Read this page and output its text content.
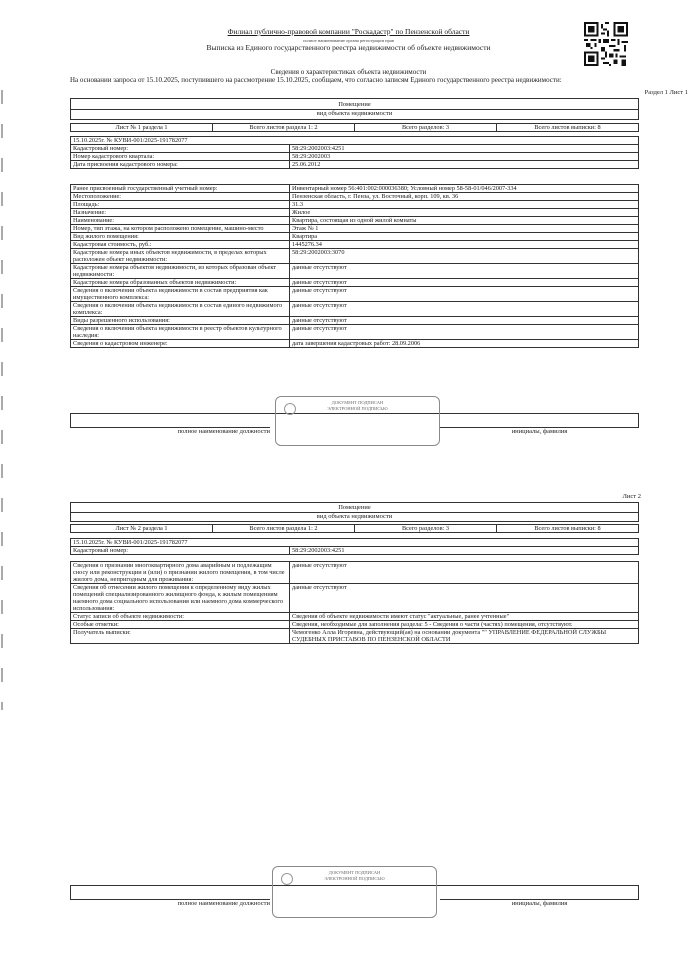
Филиал публично-правовой компании "Роскадастр" по Пензенской области
полное наименование органа регистрации прав
Выписка из Единого государственного реестра недвижимости об объекте недвижимости
Сведения о характеристиках объекта недвижимости
На основании запроса от 15.10.2025, поступившего на рассмотрение 15.10.2025, сообщаем, что согласно записям Единого государственного реестра недвижимости:
Раздел 1 Лист 1
Помещение
вид объекта недвижимости
Лист № 1 раздела 1	Всего листов раздела 1: 2	Всего разделов: 3	Всего листов выписки: 8
15.10.2025г. № КУВИ-001/2025-191782077	
Кадастровый номер:	58:29:2002003:4251
Номер кадастрового квартала:	58:29:2002003
Дата присвоения кадастрового номера:	25.06.2012
Ранее присвоенный государственный учетный номер:	Инвентарный номер 56:401:002:000036380; Условный номер 58-58-01/046/2007-334
Местоположение:	Пензенская область, г. Пенза, ул. Восточный, корп. 109, кв. 36
Площадь:	31.3
Назначение:	Жилое
Наименование:	Квартира, состоящая из одной жилой комнаты
Номер, тип этажа, на котором расположено помещение, машино-место	Этаж № 1
Вид жилого помещения:	Квартира
Кадастровая стоимость, руб.:	1445276.34
Кадастровые номера иных объектов недвижимости, в пределах которых расположен объект недвижимости:	58:29:2002003:3070
Кадастровые номера объектов недвижимости, из которых образован объект недвижимости:	данные отсутствуют
Кадастровые номера образованных объектов недвижимости:	данные отсутствуют
Сведения о включении объекта недвижимости в состав предприятия как имущественного комплекса:	данные отсутствуют
Сведения о включении объекта недвижимости в состав единого недвижимого комплекса:	данные отсутствуют
Виды разрешенного использования:	данные отсутствуют
Сведения о включении объекта недвижимости в реестр объектов культурного наследия:	данные отсутствуют
Сведения о кадастровом инженере:	дата завершения кадастровых работ: 28.09.2006
полное наименование должности	инициалы, фамилия
ДОКУМЕНТ ПОДПИСАН
ЭЛЕКТРОННОЙ ПОДПИСЬЮ
Лист 2
Помещение
вид объекта недвижимости
Лист № 2 раздела 1	Всего листов раздела 1: 2	Всего разделов: 3	Всего листов выписки: 8
15.10.2025г. № КУВИ-001/2025-191782077
Кадастровый номер:	58:29:2002003:4251
Сведения о признании многоквартирного дома аварийным и подлежащим сносу или реконструкции и (или) о признании жилого помещения, в том числе жилого дома, непригодным для проживания:	данные отсутствуют
Сведения об отнесении жилого помещения к определенному виду жилых помещений специализированного жилищного фонда, к жилым помещениям наемного дома социального использования или наемного дома коммерческого использования:	данные отсутствуют
Статус записи об объекте недвижимости:	Сведения об объекте недвижимости имеют статус "актуальные, ранее учтенные"
Особые отметки:	Сведения, необходимые для заполнения раздела: 5 - Сведения о части (частях) помещения, отсутствуют.
Получатель выписки:	Чемогенко Алла Игоревна, действующий(ая) на основании документа "" УПРАВЛЕНИЕ ФЕДЕРАЛЬНОЙ СЛУЖБЫ СУДЕБНЫХ ПРИСТАВОВ ПО ПЕНЗЕНСКОЙ ОБЛАСТИ
полное наименование должности	инициалы, фамилия
ДОКУМЕНТ ПОДПИСАН
ЭЛЕКТРОННОЙ ПОДПИСЬЮ
